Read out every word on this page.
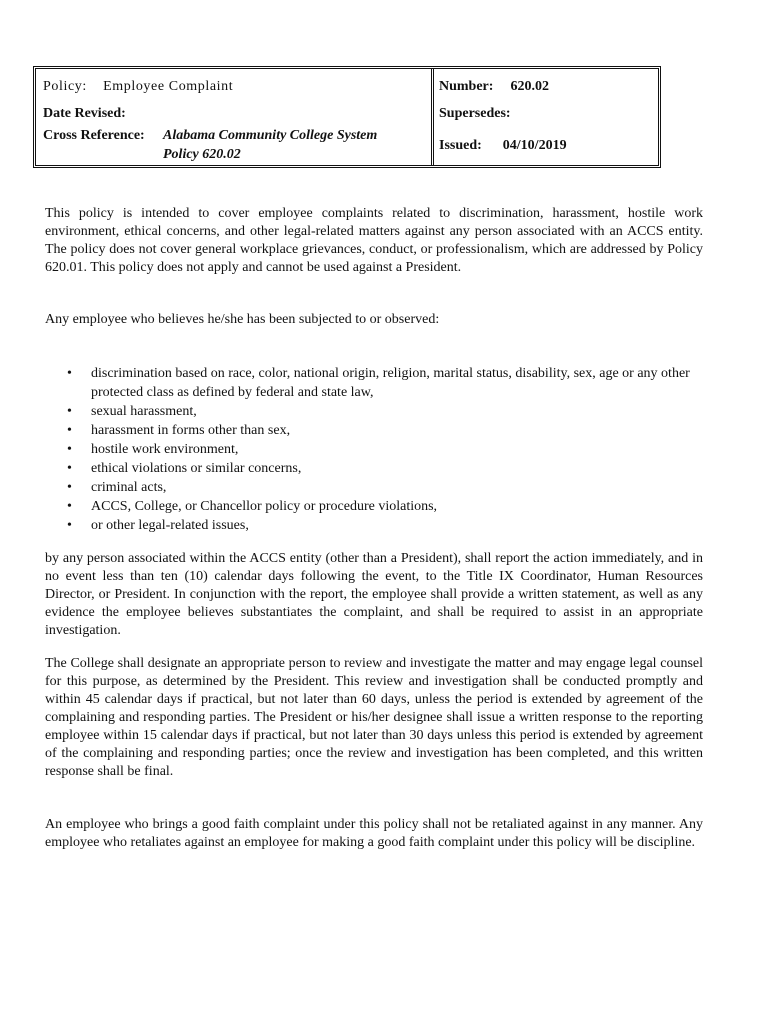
Policy: Employee Complaint	Number: 620.02
Date Revised:	Supersedes:
Cross Reference: Alabama Community College System
Policy 620.02
Issued: 04/10/2019

This policy is intended to cover employee complaints related to discrimination, harassment, hostile work environment, ethical concerns, and other legal-related matters against any person associated with an ACCS entity. The policy does not cover general workplace grievances, conduct, or professionalism, which are addressed by Policy 620.01. This policy does not apply and cannot be used against a President.

Any employee who believes he/she has been subjected to or observed:

• discrimination based on race, color, national origin, religion, marital status, disability, sex, age or any other protected class as defined by federal and state law,
• sexual harassment,
• harassment in forms other than sex,
• hostile work environment,
• ethical violations or similar concerns,
• criminal acts,
• ACCS, College, or Chancellor policy or procedure violations,
• or other legal-related issues,

by any person associated within the ACCS entity (other than a President), shall report the action immediately, and in no event less than ten (10) calendar days following the event, to the Title IX Coordinator, Human Resources Director, or President. In conjunction with the report, the employee shall provide a written statement, as well as any evidence the employee believes substantiates the complaint, and shall be required to assist in an appropriate investigation.

The College shall designate an appropriate person to review and investigate the matter and may engage legal counsel for this purpose, as determined by the President. This review and investigation shall be conducted promptly and within 45 calendar days if practical, but not later than 60 days, unless the period is extended by agreement of the complaining and responding parties. The President or his/her designee shall issue a written response to the reporting employee within 15 calendar days if practical, but not later than 30 days unless this period is extended by agreement of the complaining and responding parties; once the review and investigation has been completed, and this written response shall be final.

An employee who brings a good faith complaint under this policy shall not be retaliated against in any manner. Any employee who retaliates against an employee for making a good faith complaint under this policy will be discipline.
